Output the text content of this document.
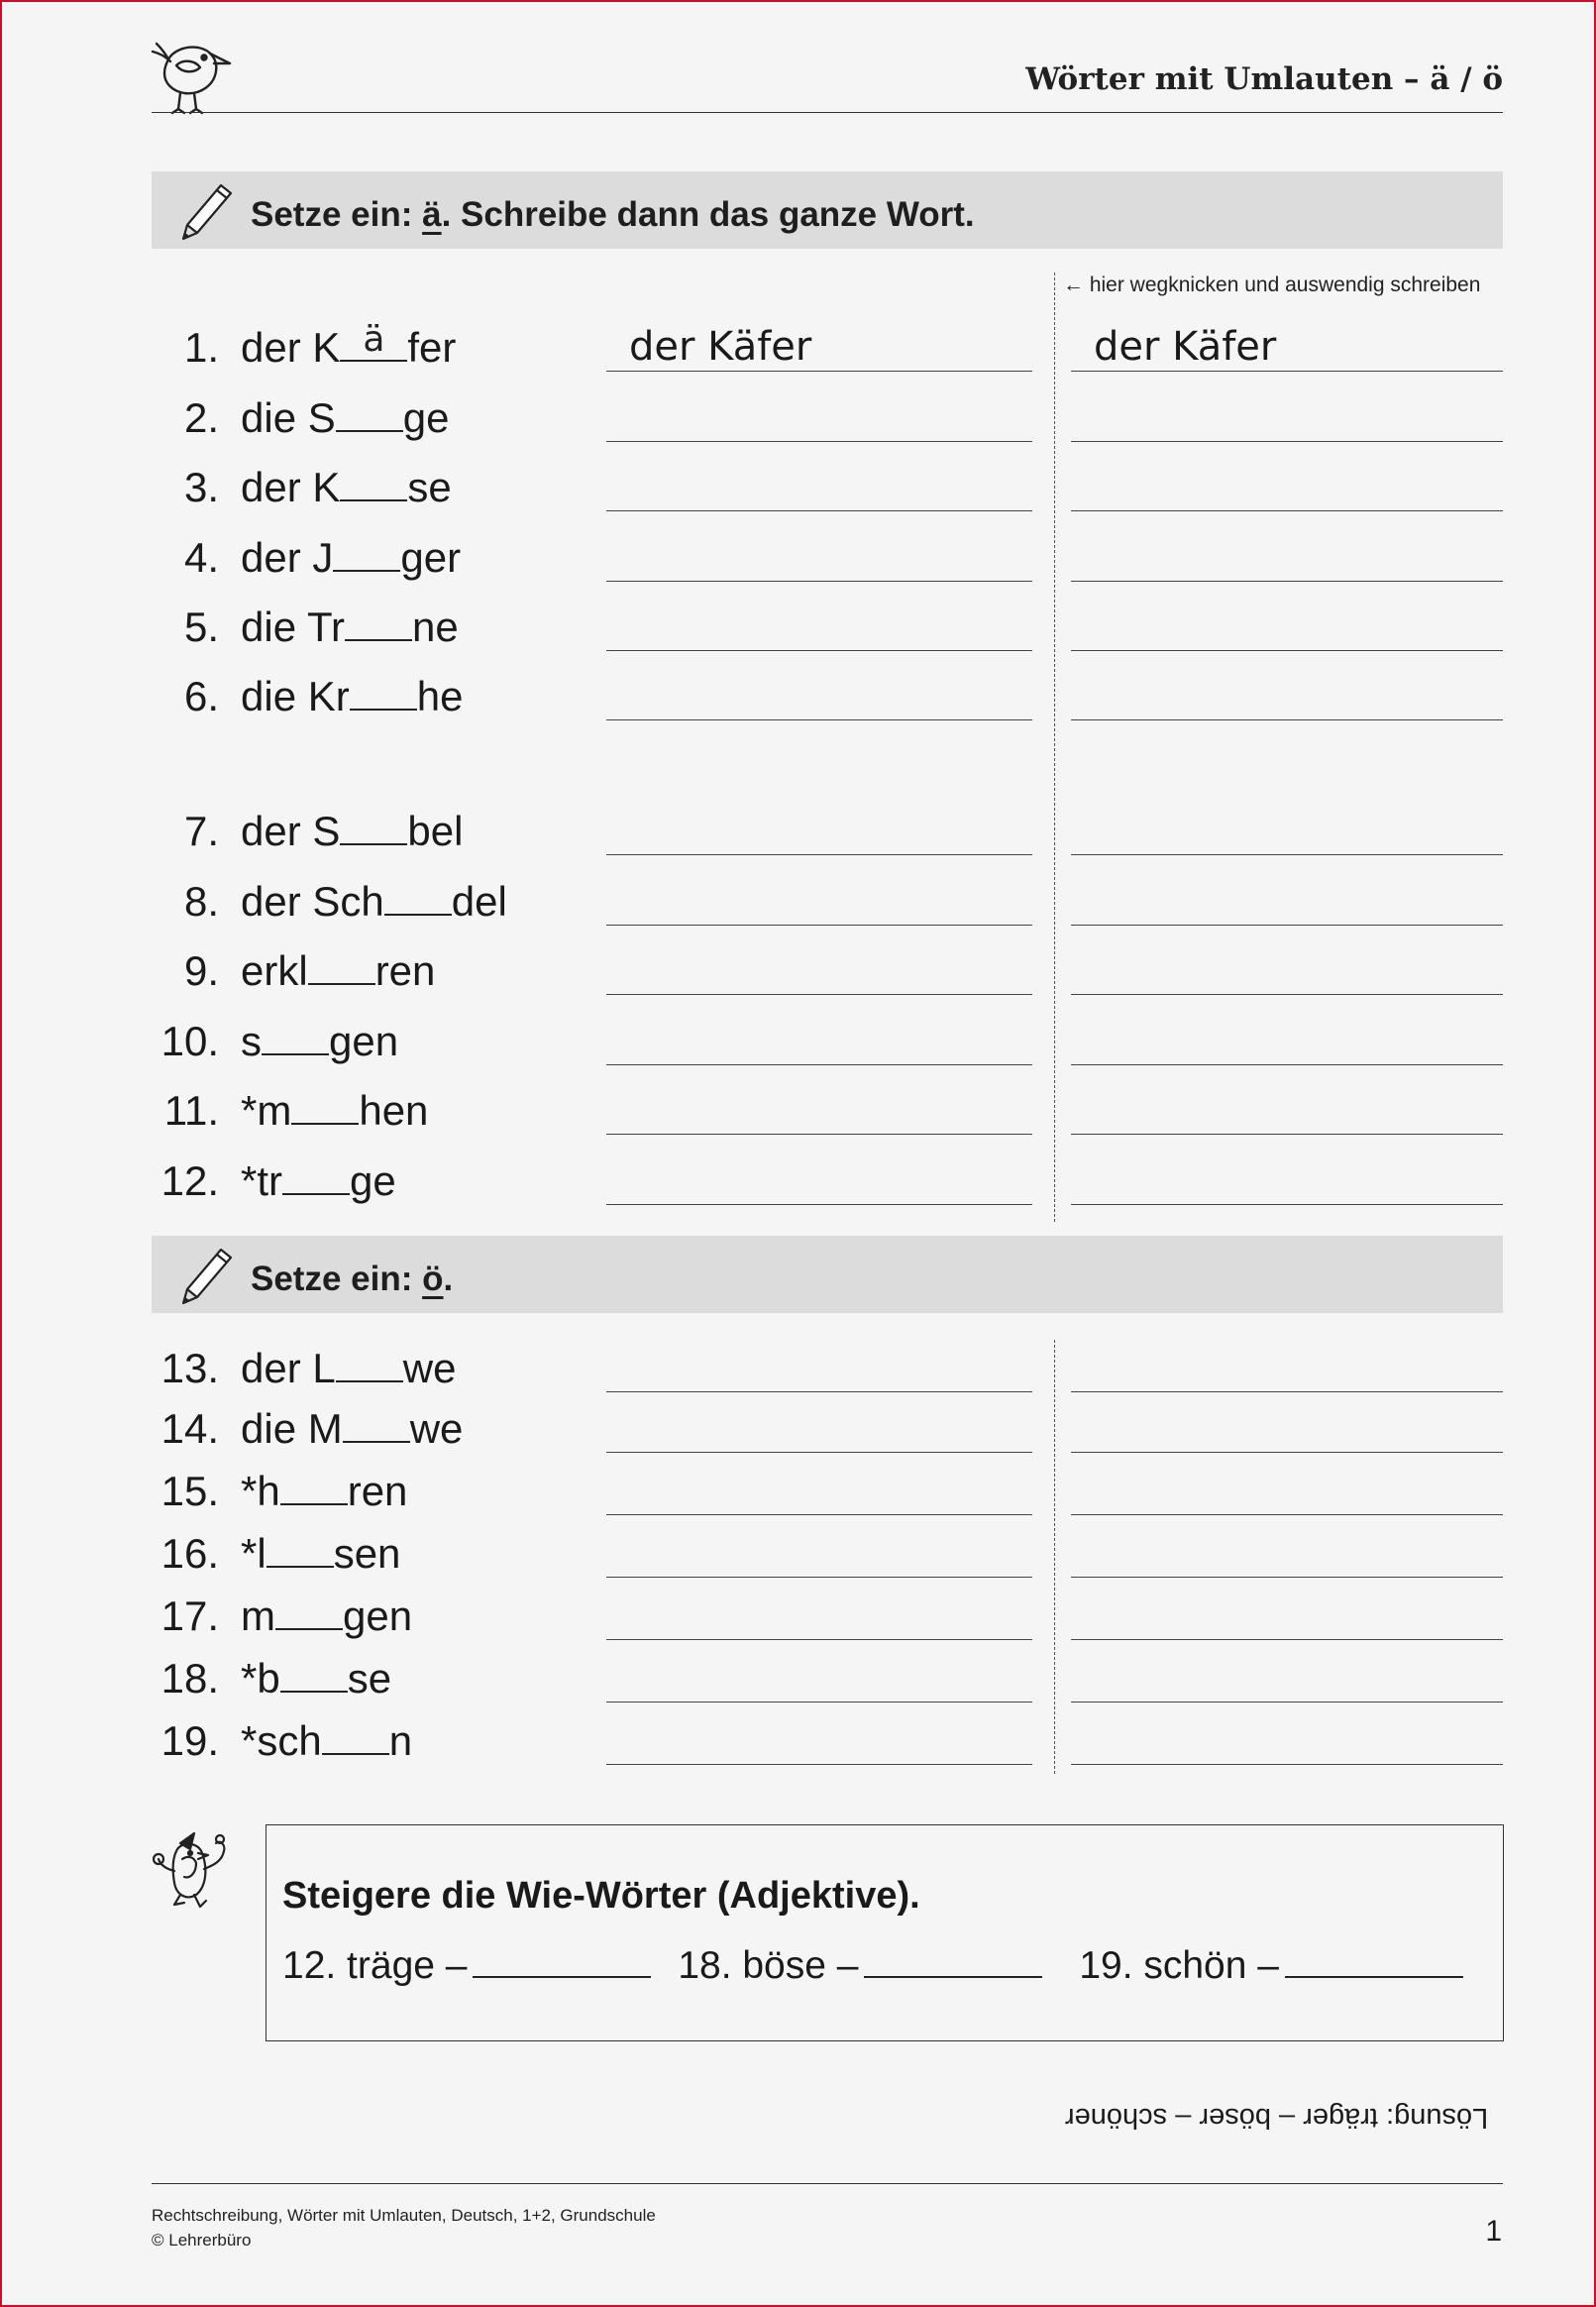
Wörter mit Umlauten – ä / ö
Setze ein: ä. Schreibe dann das ganze Wort.
← hier wegknicken und auswendig schreiben
1. der K ä fer	der Käfer	der Käfer
2. die S ge
3. der K se
4. der J ger
5. die Tr ne
6. die Kr he
7. der S bel
8. der Sch del
9. erkl ren
10. s gen
11. *m hen
12. *tr ge
Setze ein: ö.
13. der L we
14. die M we
15. *h ren
16. *l sen
17. m gen
18. *b se
19. *sch n
Steigere die Wie-Wörter (Adjektive).
12. träge –	18. böse –	19. schön –
Lösung: träger – böser – schöner
Rechtschreibung, Wörter mit Umlauten, Deutsch, 1+2, Grundschule
© Lehrerbüro	1
